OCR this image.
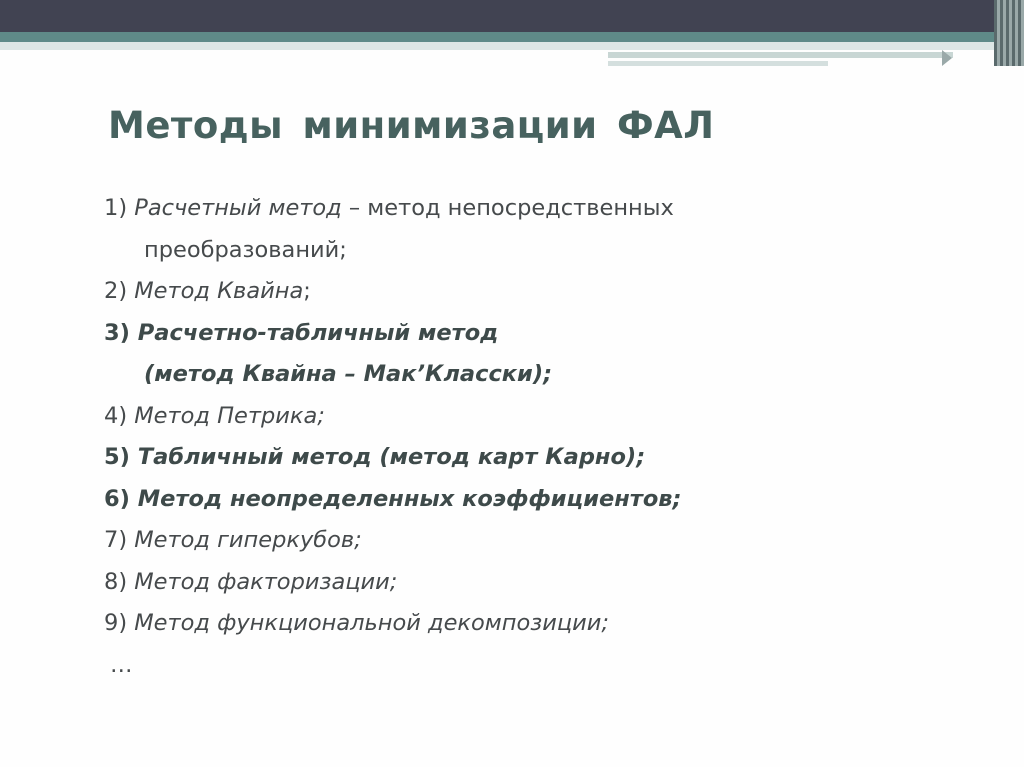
Методы минимизации ФАЛ
1) Расчетный метод – метод непосредственных
преобразований;
2) Метод Квайна;
3) Расчетно-табличный метод
(метод Квайна – Мак’Класски);
4) Метод Петрика;
5) Табличный метод (метод карт Карно);
6) Метод неопределенных коэффициентов;
7) Метод гиперкубов;
8) Метод факторизации;
9) Метод функциональной декомпозиции;
…
